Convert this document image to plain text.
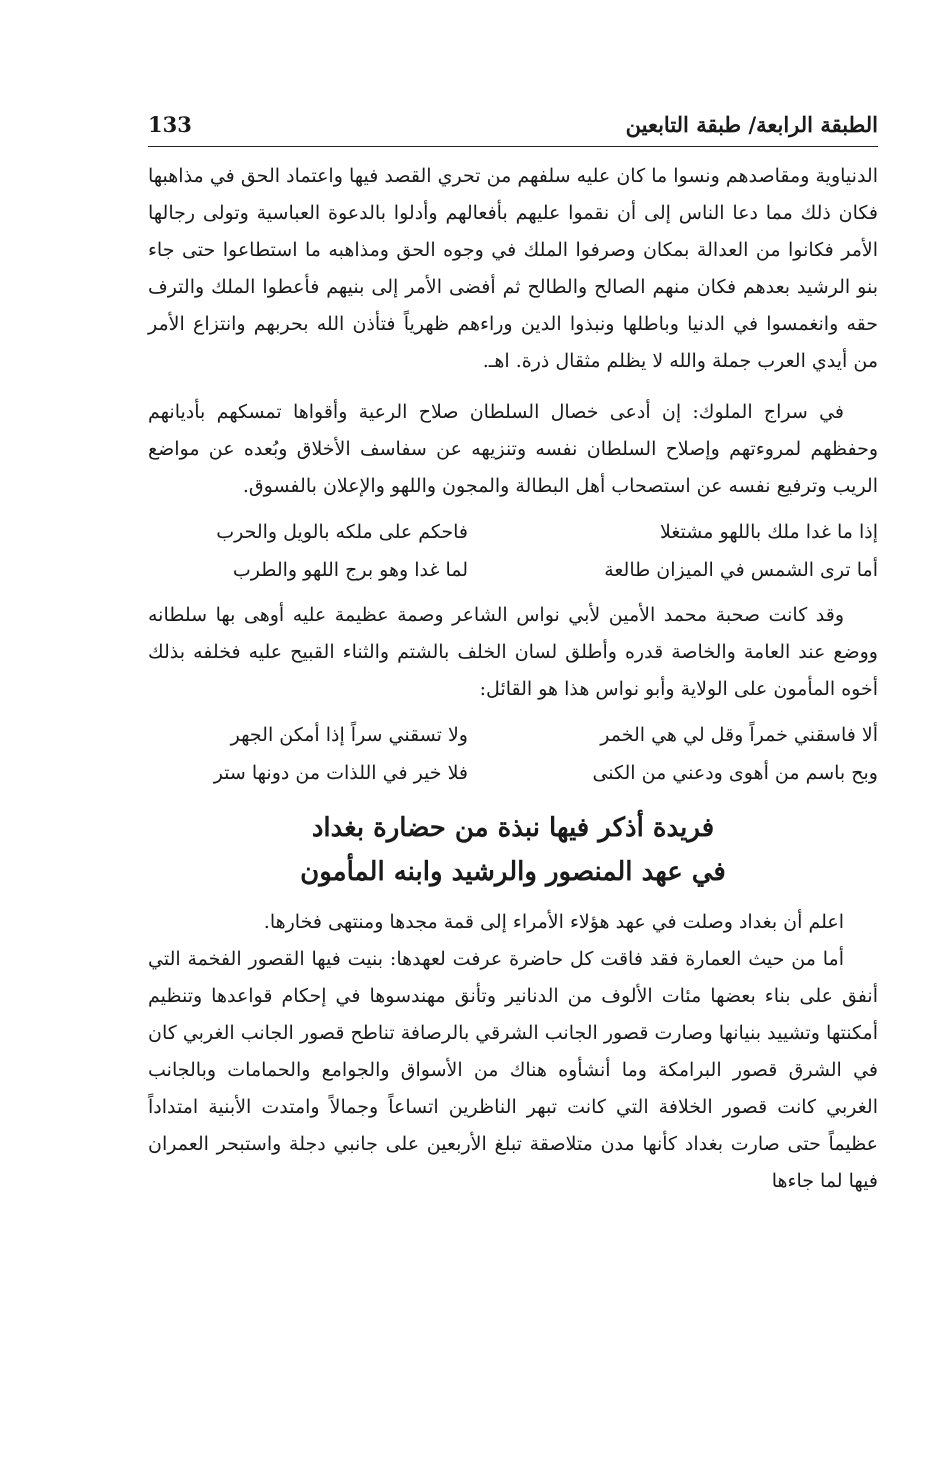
الطبقة الرابعة/ طبقة التابعين
133

الدنياوية ومقاصدهم ونسوا ما كان عليه سلفهم من تحري القصد فيها واعتماد الحق في مذاهبها فكان ذلك مما دعا الناس إلى أن نقموا عليهم بأفعالهم وأدلوا بالدعوة العباسية وتولى رجالها الأمر فكانوا من العدالة بمكان وصرفوا الملك في وجوه الحق ومذاهبه ما استطاعوا حتى جاء بنو الرشيد بعدهم فكان منهم الصالح والطالح ثم أفضى الأمر إلى بنيهم فأعطوا الملك والترف حقه وانغمسوا في الدنيا وباطلها ونبذوا الدين وراءهم ظهرياً فتأذن الله بحربهم وانتزاع الأمر من أيدي العرب جملة والله لا يظلم مثقال ذرة. اهـ.

في سراج الملوك: إن أدعى خصال السلطان صلاح الرعية وأقواها تمسكهم بأديانهم وحفظهم لمروءتهم وإصلاح السلطان نفسه وتنزيهه عن سفاسف الأخلاق وبُعده عن مواضع الريب وترفيع نفسه عن استصحاب أهل البطالة والمجون واللهو والإعلان بالفسوق.

إذا ما غدا ملك باللهو مشتغلا
فاحكم على ملكه بالويل والحرب
أما ترى الشمس في الميزان طالعة
لما غدا وهو برج اللهو والطرب

وقد كانت صحبة محمد الأمين لأبي نواس الشاعر وصمة عظيمة عليه أوهى بها سلطانه ووضع عند العامة والخاصة قدره وأطلق لسان الخلف بالشتم والثناء القبيح عليه فخلفه بذلك أخوه المأمون على الولاية وأبو نواس هذا هو القائل:

ألا فاسقني خمراً وقل لي هي الخمر
ولا تسقني سراً إذا أمكن الجهر
وبح باسم من أهوى ودعني من الكنى
فلا خير في اللذات من دونها ستر
فريدة أذكر فيها نبذة من حضارة بغداد
في عهد المنصور والرشيد وابنه المأمون

اعلم أن بغداد وصلت في عهد هؤلاء الأمراء إلى قمة مجدها ومنتهى فخارها.

أما من حيث العمارة فقد فاقت كل حاضرة عرفت لعهدها: بنيت فيها القصور الفخمة التي أنفق على بناء بعضها مئات الألوف من الدنانير وتأنق مهندسوها في إحكام قواعدها وتنظيم أمكنتها وتشييد بنيانها وصارت قصور الجانب الشرقي بالرصافة تناطح قصور الجانب الغربي كان في الشرق قصور البرامكة وما أنشأوه هناك من الأسواق والجوامع والحمامات وبالجانب الغربي كانت قصور الخلافة التي كانت تبهر الناظرين اتساعاً وجمالاً وامتدت الأبنية امتداداً عظيماً حتى صارت بغداد كأنها مدن متلاصقة تبلغ الأربعين على جانبي دجلة واستبحر العمران فيها لما جاءها
